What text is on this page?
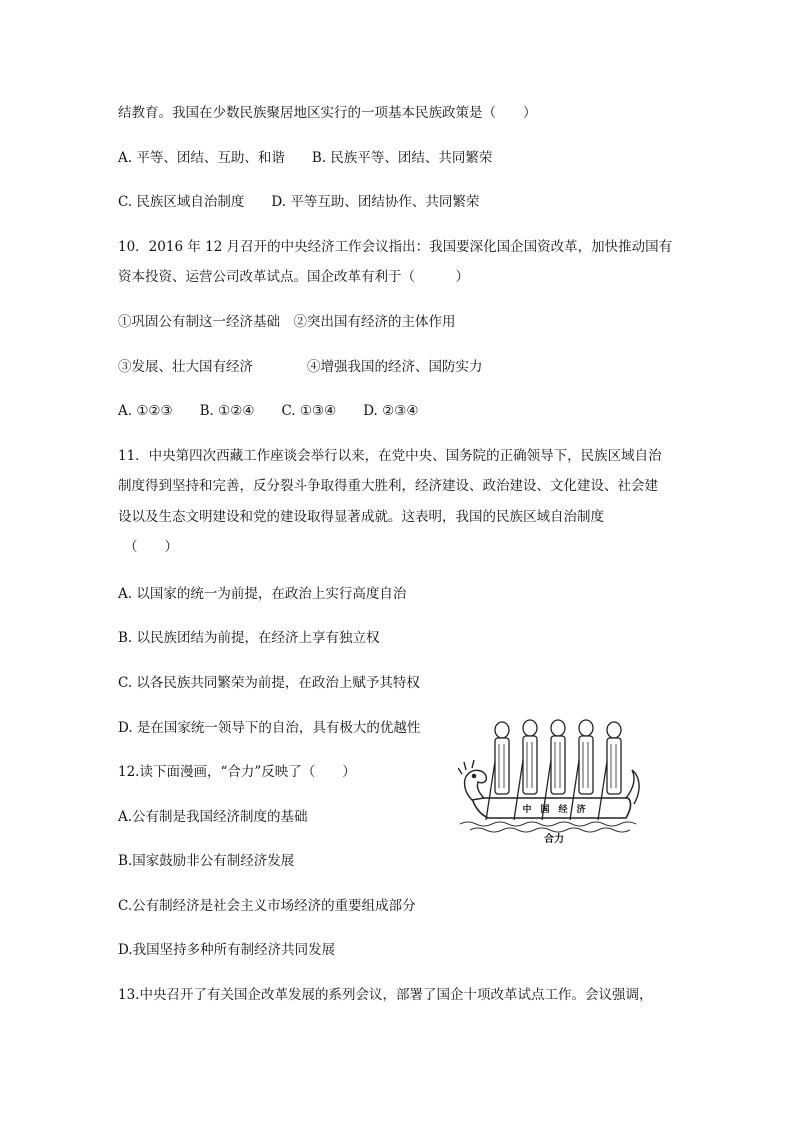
结教育。我国在少数民族聚居地区实行的一项基本民族政策是（　　）
A. 平等、团结、互助、和谐　　B. 民族平等、团结、共同繁荣
C. 民族区域自治制度　　D. 平等互助、团结协作、共同繁荣
10．2016 年 12 月召开的中央经济工作会议指出：我国要深化国企国资改革，加快推动国有
资本投资、运营公司改革试点。国企改革有利于（　　　）
①巩固公有制这一经济基础　②突出国有经济的主体作用
③发展、壮大国有经济　　　　④增强我国的经济、国防实力
A. ①②③　　B. ①②④　　C. ①③④　　D. ②③④
11．中央第四次西藏工作座谈会举行以来，在党中央、国务院的正确领导下，民族区域自治
制度得到坚持和完善，反分裂斗争取得重大胜利，经济建设、政治建设、文化建设、社会建
设以及生态文明建设和党的建设取得显著成就。这表明，我国的民族区域自治制度
（　　）
A. 以国家的统一为前提，在政治上实行高度自治
B. 以民族团结为前提，在经济上享有独立权
C. 以各民族共同繁荣为前提，在政治上赋予其特权
D. 是在国家统一领导下的自治，具有极大的优越性
12.读下面漫画，“合力”反映了（　　）
A.公有制是我国经济制度的基础
B.国家鼓励非公有制经济发展
C.公有制经济是社会主义市场经济的重要组成部分
D.我国坚持多种所有制经济共同发展
13.中央召开了有关国企改革发展的系列会议，部署了国企十项改革试点工作。会议强调，
中　国　经　济
合力
